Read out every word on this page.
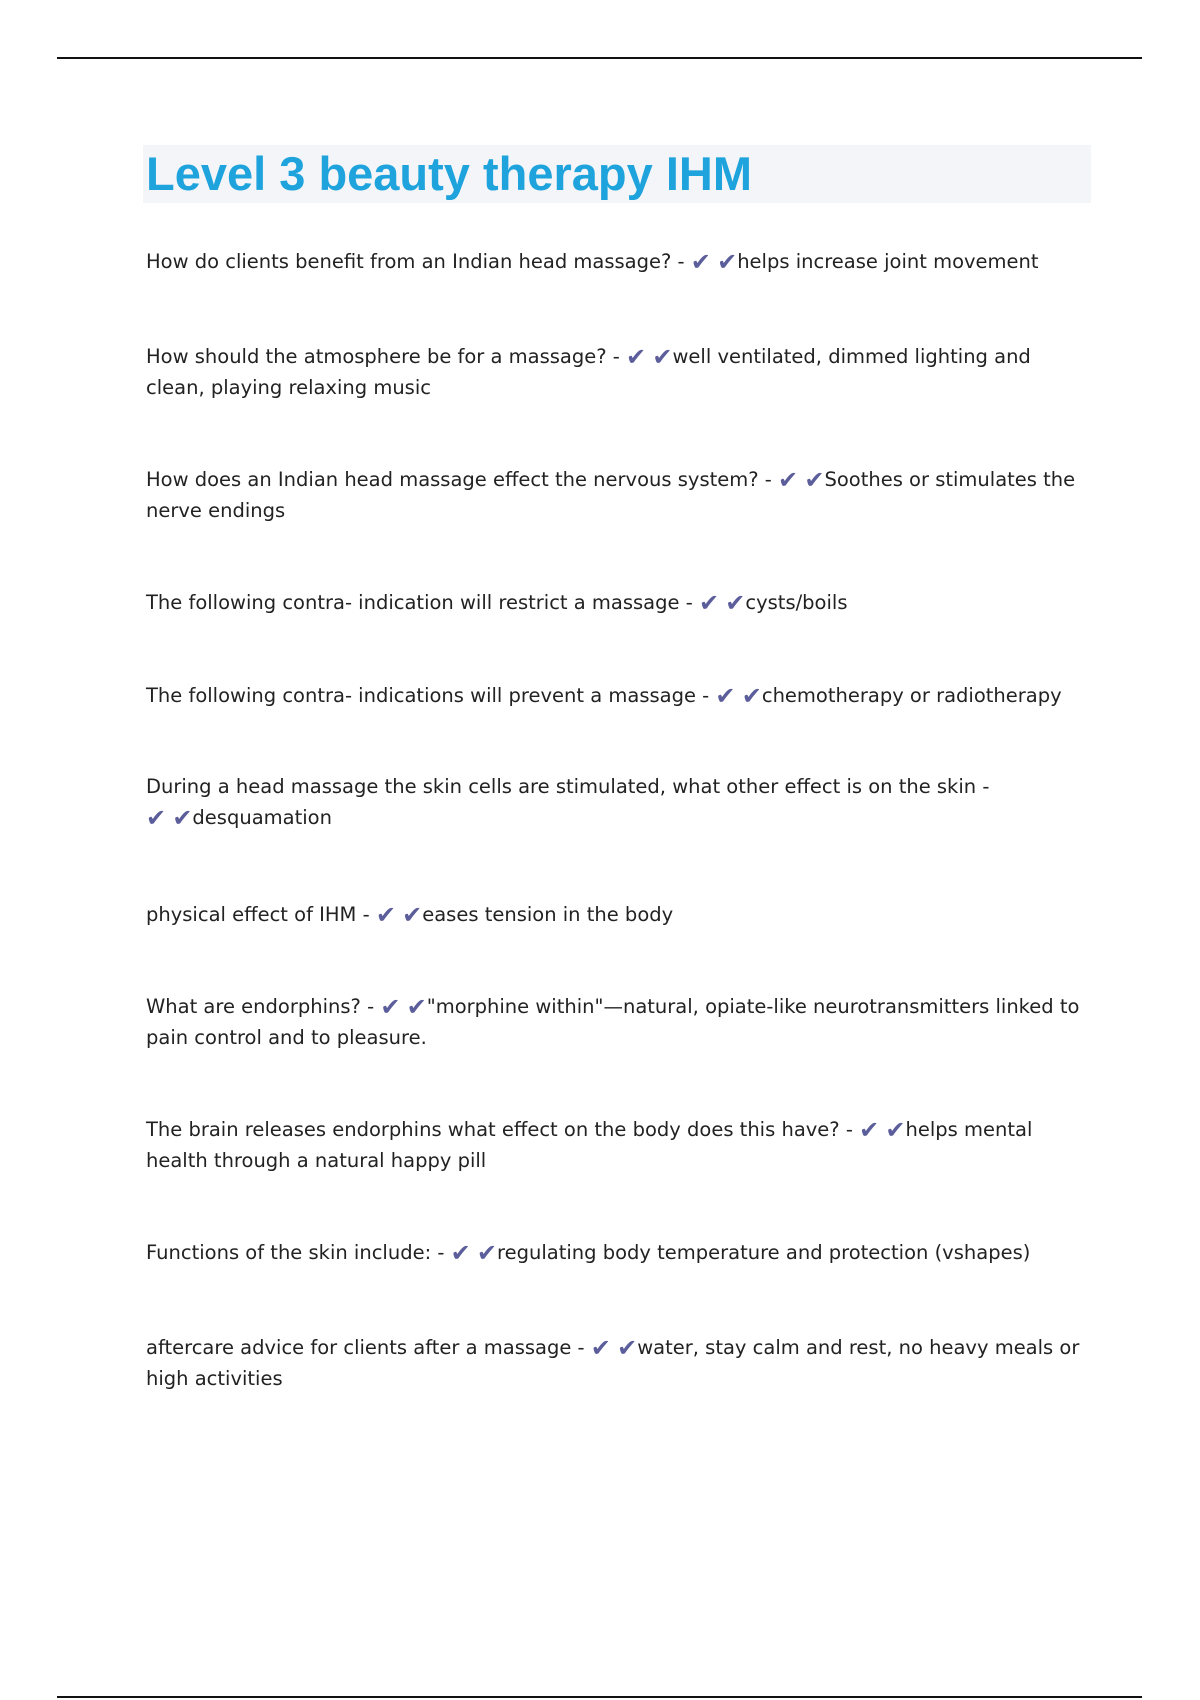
Level 3 beauty therapy IHM

How do clients benefit from an Indian head massage? - ✔ ✔helps increase joint movement

How should the atmosphere be for a massage? - ✔ ✔well ventilated, dimmed lighting and clean, playing relaxing music

How does an Indian head massage effect the nervous system? - ✔ ✔Soothes or stimulates the nerve endings

The following contra- indication will restrict a massage - ✔ ✔cysts/boils

The following contra- indications will prevent a massage - ✔ ✔chemotherapy or radiotherapy

During a head massage the skin cells are stimulated, what other effect is on the skin -
✔ ✔desquamation

physical effect of IHM - ✔ ✔eases tension in the body

What are endorphins? - ✔ ✔"morphine within"—natural, opiate-like neurotransmitters linked to pain control and to pleasure.

The brain releases endorphins what effect on the body does this have? - ✔ ✔helps mental health through a natural happy pill

Functions of the skin include: - ✔ ✔regulating body temperature and protection (vshapes)

aftercare advice for clients after a massage - ✔ ✔water, stay calm and rest, no heavy meals or high activities
